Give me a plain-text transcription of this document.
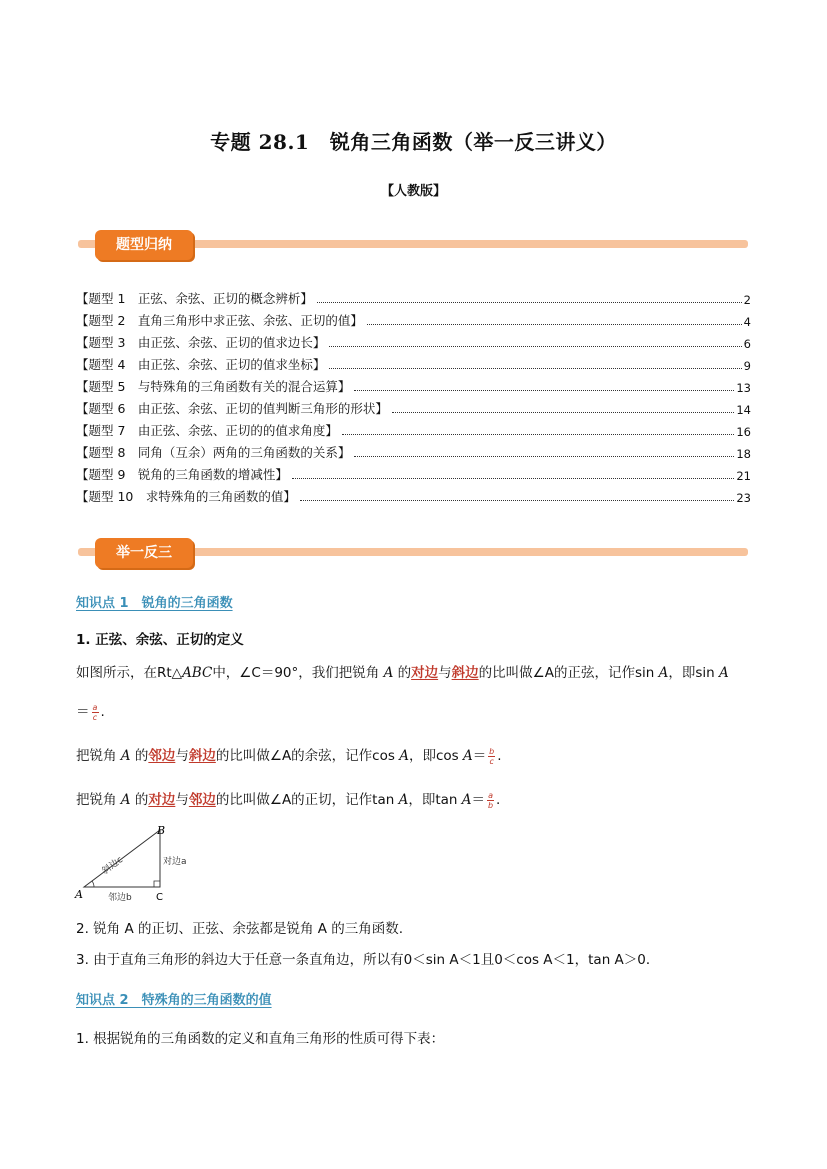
专题 28.1　锐角三角函数（举一反三讲义）
【人教版】
题型归纳
【题型 1　正弦、余弦、正切的概念辨析】	2
【题型 2　直角三角形中求正弦、余弦、正切的值】	4
【题型 3　由正弦、余弦、正切的值求边长】	6
【题型 4　由正弦、余弦、正切的值求坐标】	9
【题型 5　与特殊角的三角函数有关的混合运算】	13
【题型 6　由正弦、余弦、正切的值判断三角形的形状】	14
【题型 7　由正弦、余弦、正切的的值求角度】	16
【题型 8　同角（互余）两角的三角函数的关系】	18
【题型 9　锐角的三角函数的增减性】	21
【题型 10　求特殊角的三角函数的值】	23
举一反三
知识点 1　锐角的三角函数
1. 正弦、余弦、正切的定义
如图所示，在Rt△ABC中，∠C＝90°，我们把锐角 A 的对边与斜边的比叫做∠A的正弦，记作sin A，即sin A
＝ $\frac{a}{c}$ .
把锐角 A 的邻边与斜边的比叫做∠A的余弦，记作cos A，即$\cos A= \frac{b}{c}$ .
把锐角 A 的对边与邻边的比叫做∠A的正切，记作tan A，即$\tan A= \frac{a}{b}$ .
A
B
C
斜边c	对边a
邻边b
2. 锐角 A 的正切、正弦、余弦都是锐角 A 的三角函数.
3. 由于直角三角形的斜边大于任意一条直角边，所以有0＜sin A＜1且0＜cos A＜1，tan A＞0．
知识点 2　特殊角的三角函数的值
1. 根据锐角的三角函数的定义和直角三角形的性质可得下表：
